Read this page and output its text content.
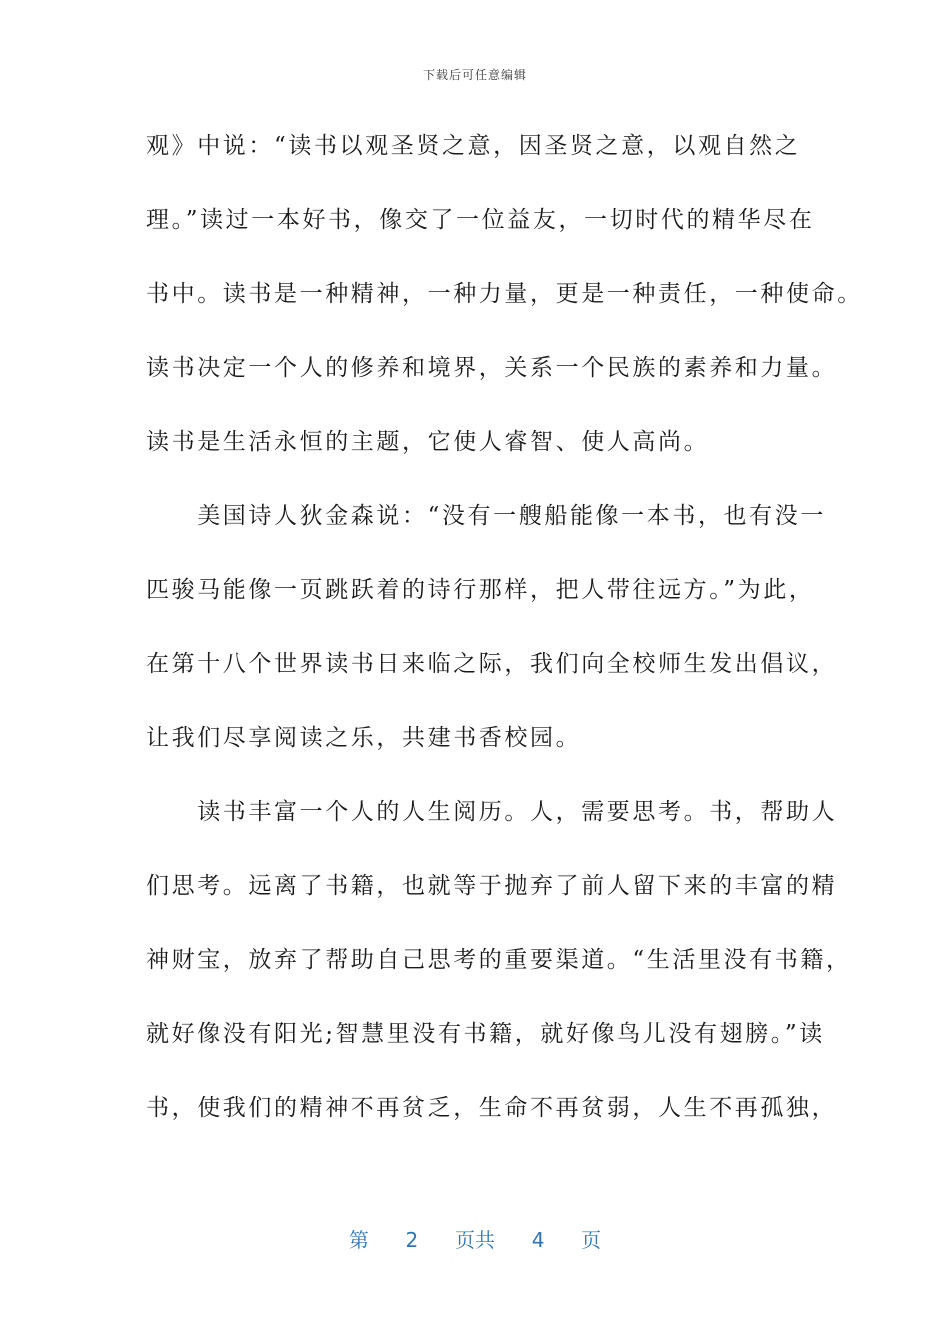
下载后可任意编辑
观》中说：“读书以观圣贤之意，因圣贤之意，以观自然之
理。”读过一本好书，像交了一位益友，一切时代的精华尽在
书中。读书是一种精神，一种力量，更是一种责任，一种使命。
读书决定一个人的修养和境界，关系一个民族的素养和力量。
读书是生活永恒的主题，它使人睿智、使人高尚。
　　美国诗人狄金森说：“没有一艘船能像一本书，也有没一
匹骏马能像一页跳跃着的诗行那样，把人带往远方。”为此，
在第十八个世界读书日来临之际，我们向全校师生发出倡议，
让我们尽享阅读之乐，共建书香校园。
　　读书丰富一个人的人生阅历。人，需要思考。书，帮助人
们思考。远离了书籍，也就等于抛弃了前人留下来的丰富的精
神财宝，放弃了帮助自己思考的重要渠道。“生活里没有书籍，
就好像没有阳光;智慧里没有书籍，就好像鸟儿没有翅膀。”读
书，使我们的精神不再贫乏，生命不再贫弱，人生不再孤独，
第 2 页共 4 页
